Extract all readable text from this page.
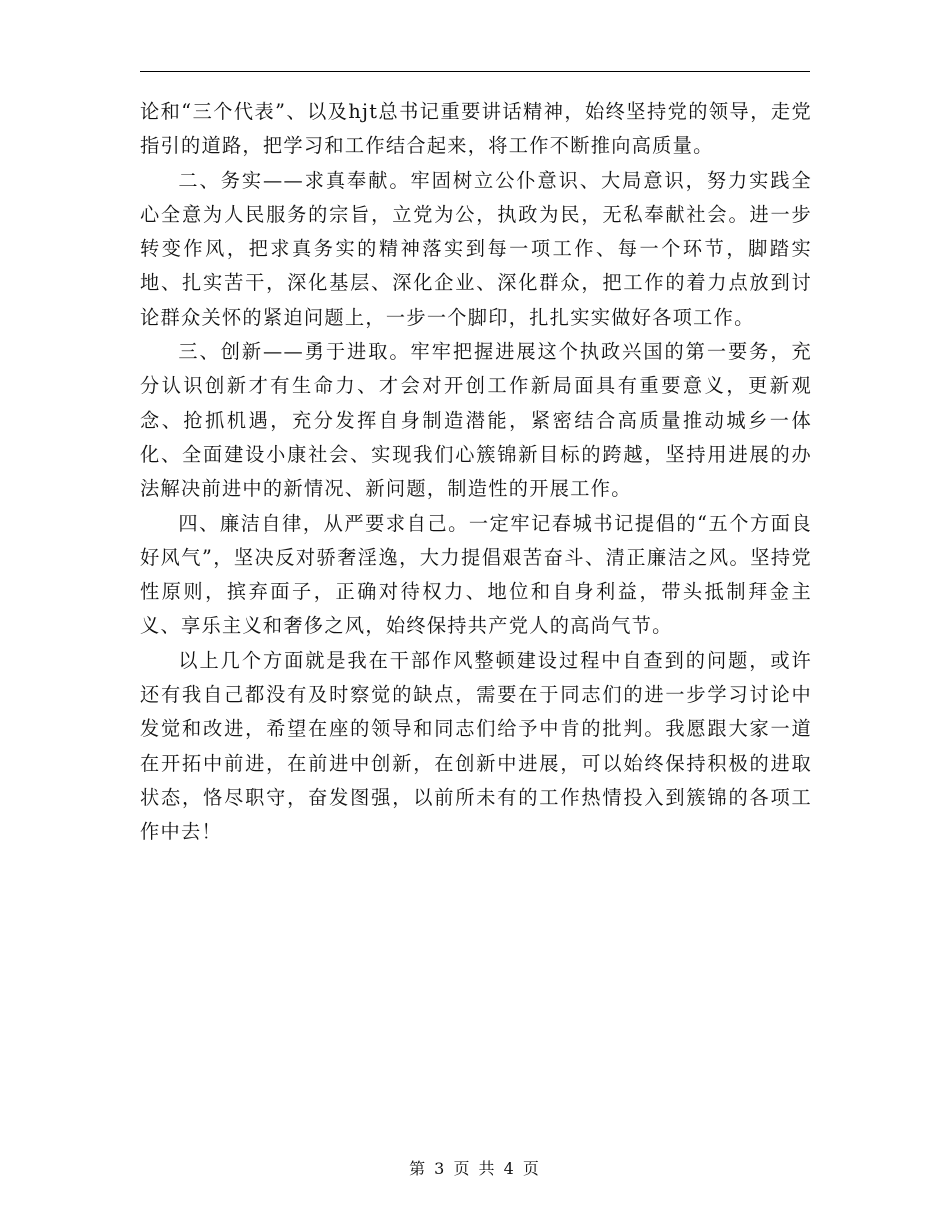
论和“三个代表”、以及hjt总书记重要讲话精神，始终坚持党的领导，走党指引的道路，把学习和工作结合起来，将工作不断推向高质量。

二、务实——求真奉献。牢固树立公仆意识、大局意识，努力实践全心全意为人民服务的宗旨，立党为公，执政为民，无私奉献社会。进一步转变作风，把求真务实的精神落实到每一项工作、每一个环节，脚踏实地、扎实苦干，深化基层、深化企业、深化群众，把工作的着力点放到讨论群众关怀的紧迫问题上，一步一个脚印，扎扎实实做好各项工作。

三、创新——勇于进取。牢牢把握进展这个执政兴国的第一要务，充分认识创新才有生命力、才会对开创工作新局面具有重要意义，更新观念、抢抓机遇，充分发挥自身制造潜能，紧密结合高质量推动城乡一体化、全面建设小康社会、实现我们心簇锦新目标的跨越，坚持用进展的办法解决前进中的新情况、新问题，制造性的开展工作。

四、廉洁自律，从严要求自己。一定牢记春城书记提倡的“五个方面良好风气”，坚决反对骄奢淫逸，大力提倡艰苦奋斗、清正廉洁之风。坚持党性原则，摈弃面子，正确对待权力、地位和自身利益，带头抵制拜金主义、享乐主义和奢侈之风，始终保持共产党人的高尚气节。

以上几个方面就是我在干部作风整顿建设过程中自查到的问题，或许还有我自己都没有及时察觉的缺点，需要在于同志们的进一步学习讨论中发觉和改进，希望在座的领导和同志们给予中肯的批判。我愿跟大家一道在开拓中前进，在前进中创新，在创新中进展，可以始终保持积极的进取状态，恪尽职守，奋发图强，以前所未有的工作热情投入到簇锦的各项工作中去！

第 3 页 共 4 页
